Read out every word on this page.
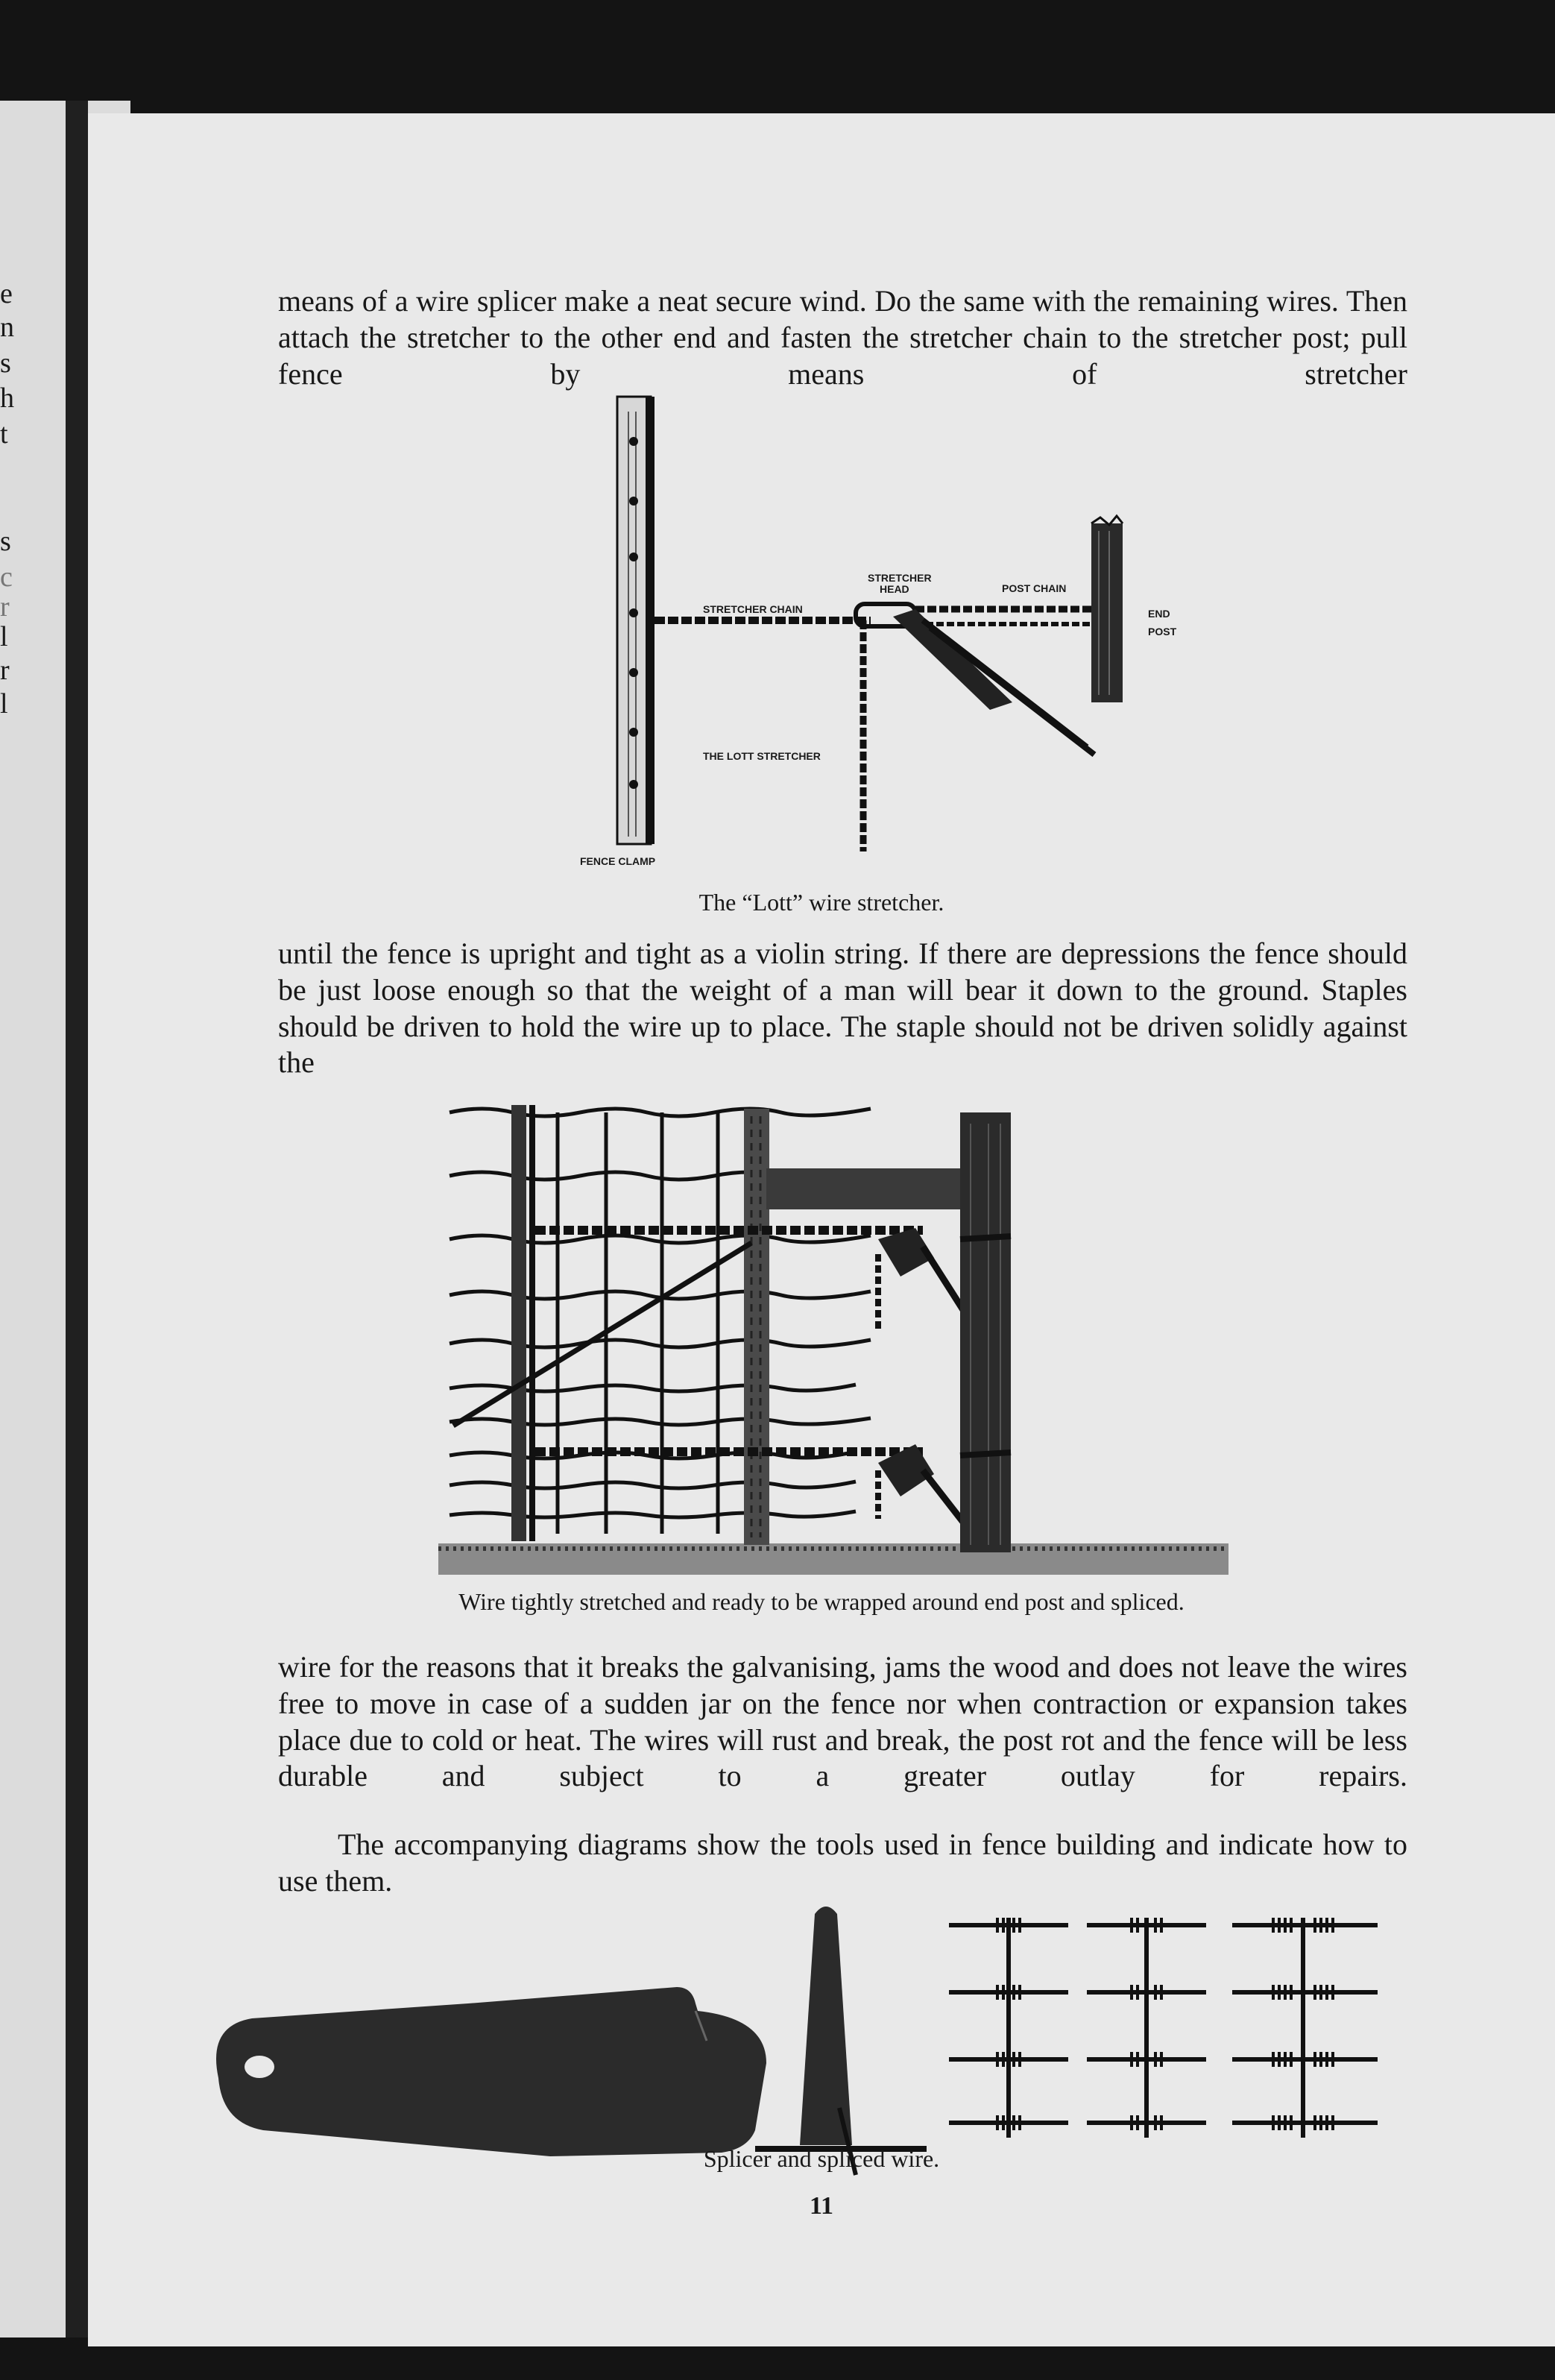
e
n
s
h
t
s
c
r
l
r
l

means of a wire splicer make a neat secure wind. Do the same with the remaining wires. Then attach the stretcher to the other end and fasten the stretcher chain to the stretcher post; pull fence by means of stretcher

STRETCHER
HEAD	POST CHAIN
STRETCHER CHAIN	END
POST
THE LOTT STRETCHER
FENCE CLAMP

The “Lott” wire stretcher.

until the fence is upright and tight as a violin string. If there are depressions the fence should be just loose enough so that the weight of a man will bear it down to the ground. Staples should be driven to hold the wire up to place. The staple should not be driven solidly against the

Wire tightly stretched and ready to be wrapped around end post and spliced.

wire for the reasons that it breaks the galvanising, jams the wood and does not leave the wires free to move in case of a sudden jar on the fence nor when contraction or expansion takes place due to cold or heat. The wires will rust and break, the post rot and the fence will be less durable and subject to a greater outlay for repairs.

The accompanying diagrams show the tools used in fence building and indicate how to use them.

Splicer and spliced wire.

11
